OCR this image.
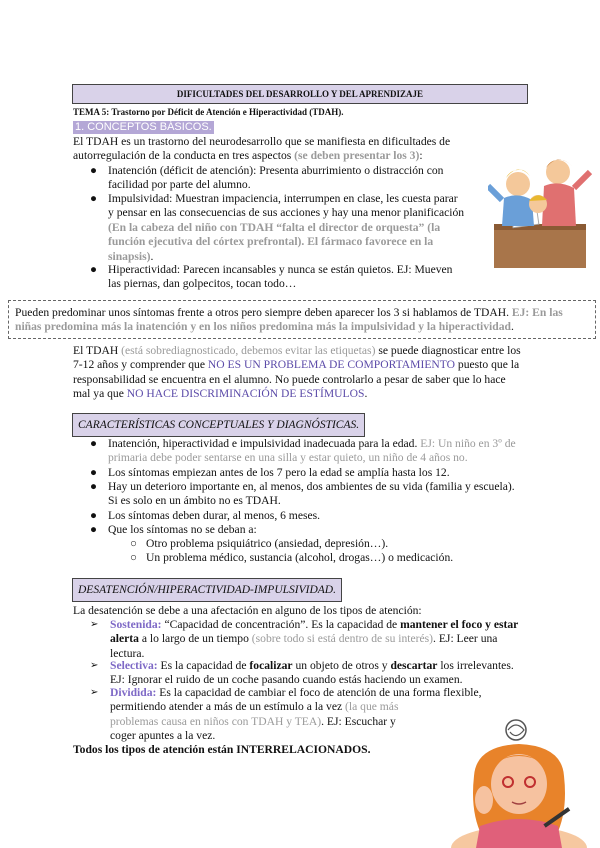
DIFICULTADES DEL DESARROLLO Y DEL APRENDIZAJE
TEMA 5: Trastorno por Déficit de Atención e Hiperactividad (TDAH).
1. CONCEPTOS BÁSICOS.
El TDAH es un trastorno del neurodesarrollo que se manifiesta en dificultades de
autorregulación de la conducta en tres aspectos (se deben presentar los 3):
● Inatención (déficit de atención): Presenta aburrimiento o distracción con
facilidad por parte del alumno.
● Impulsividad: Muestran impaciencia, interrumpen en clase, les cuesta parar
y pensar en las consecuencias de sus acciones y hay una menor planificación
(En la cabeza del niño con TDAH “falta el director de orquesta” (la
función ejecutiva del córtex prefrontal). El fármaco favorece en la
sinapsis).
● Hiperactividad: Parecen incansables y nunca se están quietos. EJ: Mueven
las piernas, dan golpecitos, tocan todo…
Pueden predominar unos síntomas frente a otros pero siempre deben aparecer los 3 si hablamos de TDAH. EJ: En las
niñas predomina más la inatención y en los niños predomina más la impulsividad y la hiperactividad.
El TDAH (está sobrediagnosticado, debemos evitar las etiquetas) se puede diagnosticar entre los
7-12 años y comprender que NO ES UN PROBLEMA DE COMPORTAMIENTO puesto que la
responsabilidad se encuentra en el alumno. No puede controlarlo a pesar de saber que lo hace
mal ya que NO HACE DISCRIMINACIÓN DE ESTÍMULOS.
CARACTERÍSTICAS CONCEPTUALES Y DIAGNÓSTICAS.
● Inatención, hiperactividad e impulsividad inadecuada para la edad. EJ: Un niño en 3º de
primaria debe poder sentarse en una silla y estar quieto, un niño de 4 años no.
● Los síntomas empiezan antes de los 7 pero la edad se amplía hasta los 12.
● Hay un deterioro importante en, al menos, dos ambientes de su vida (familia y escuela).
Si es solo en un ámbito no es TDAH.
● Los síntomas deben durar, al menos, 6 meses.
● Que los síntomas no se deban a:
○ Otro problema psiquiátrico (ansiedad, depresión…).
○ Un problema médico, sustancia (alcohol, drogas…) o medicación.
DESATENCIÓN/HIPERACTIVIDAD-IMPULSIVIDAD.
La desatención se debe a una afectación en alguno de los tipos de atención:
➢ Sostenida: “Capacidad de concentración”. Es la capacidad de mantener el foco y estar
alerta a lo largo de un tiempo (sobre todo si está dentro de su interés). EJ: Leer una
lectura.
➢ Selectiva: Es la capacidad de focalizar un objeto de otros y descartar los irrelevantes.
EJ: Ignorar el ruido de un coche pasando cuando estás haciendo un examen.
➢ Dividida: Es la capacidad de cambiar el foco de atención de una forma flexible,
permitiendo atender a más de un estímulo a la vez (la que más
problemas causa en niños con TDAH y TEA). EJ: Escuchar y
coger apuntes a la vez.
Todos los tipos de atención están INTERRELACIONADOS.
